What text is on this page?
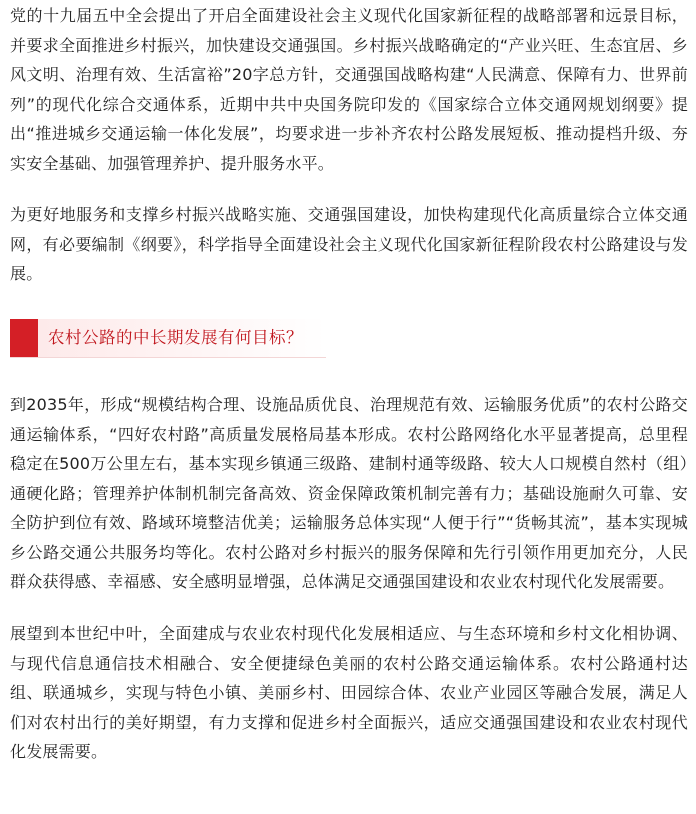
党的十九届五中全会提出了开启全面建设社会主义现代化国家新征程的战略部署和远景目标，并要求全面推进乡村振兴，加快建设交通强国。乡村振兴战略确定的“产业兴旺、生态宜居、乡风文明、治理有效、生活富裕”20字总方针，交通强国战略构建“人民满意、保障有力、世界前列”的现代化综合交通体系，近期中共中央国务院印发的《国家综合立体交通网规划纲要》提出“推进城乡交通运输一体化发展”，均要求进一步补齐农村公路发展短板、推动提档升级、夯实安全基础、加强管理养护、提升服务水平。

为更好地服务和支撑乡村振兴战略实施、交通强国建设，加快构建现代化高质量综合立体交通网，有必要编制《纲要》，科学指导全面建设社会主义现代化国家新征程阶段农村公路建设与发展。

农村公路的中长期发展有何目标？

到2035年，形成“规模结构合理、设施品质优良、治理规范有效、运输服务优质”的农村公路交通运输体系，“四好农村路”高质量发展格局基本形成。农村公路网络化水平显著提高，总里程稳定在500万公里左右，基本实现乡镇通三级路、建制村通等级路、较大人口规模自然村（组）通硬化路；管理养护体制机制完备高效、资金保障政策机制完善有力；基础设施耐久可靠、安全防护到位有效、路域环境整洁优美；运输服务总体实现“人便于行”“货畅其流”，基本实现城乡公路交通公共服务均等化。农村公路对乡村振兴的服务保障和先行引领作用更加充分，人民群众获得感、幸福感、安全感明显增强，总体满足交通强国建设和农业农村现代化发展需要。

展望到本世纪中叶，全面建成与农业农村现代化发展相适应、与生态环境和乡村文化相协调、与现代信息通信技术相融合、安全便捷绿色美丽的农村公路交通运输体系。农村公路通村达组、联通城乡，实现与特色小镇、美丽乡村、田园综合体、农业产业园区等融合发展，满足人们对农村出行的美好期望，有力支撑和促进乡村全面振兴，适应交通强国建设和农业农村现代化发展需要。
